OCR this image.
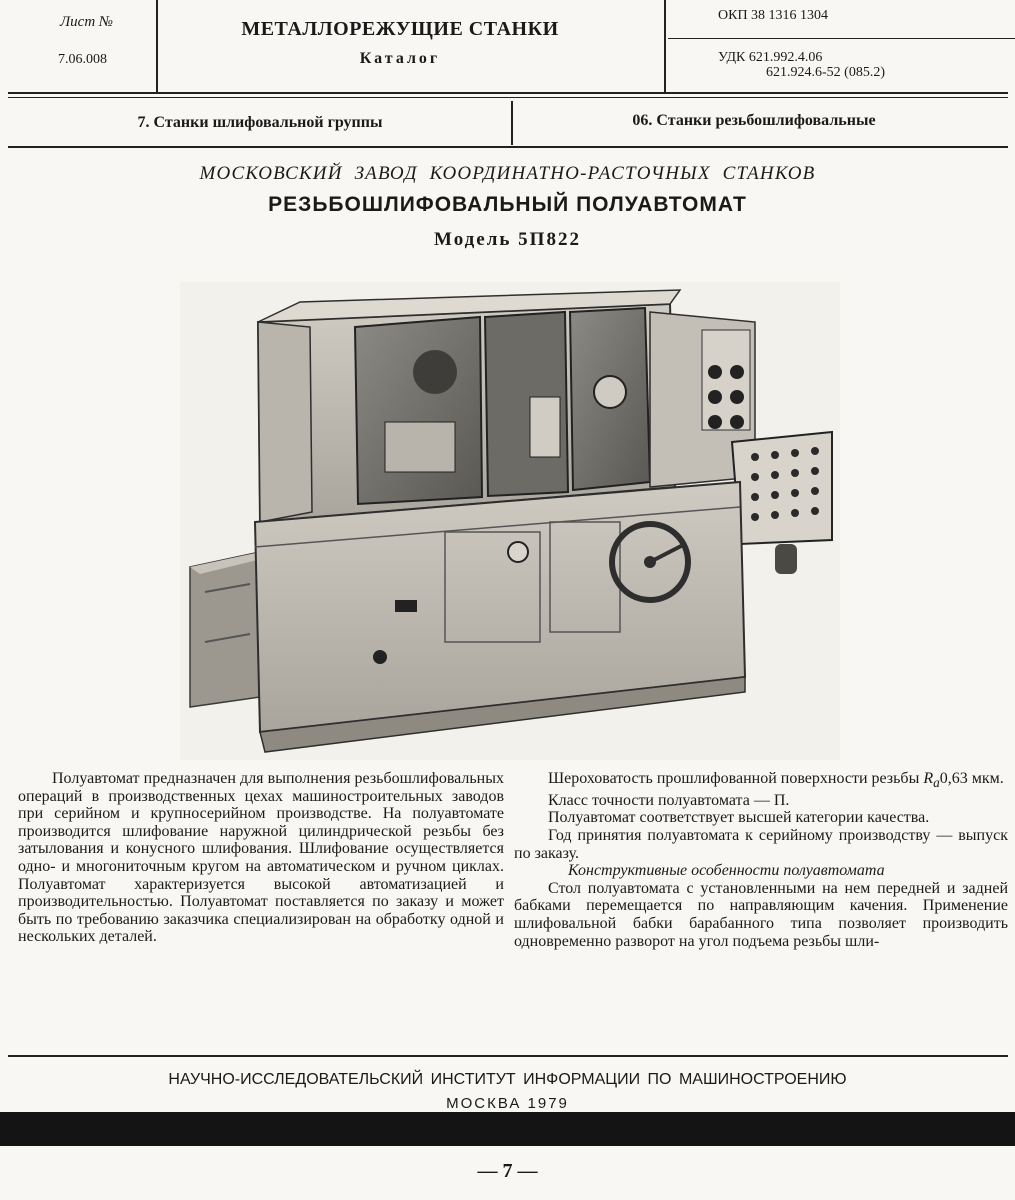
Лист №
7.06.008
МЕТАЛЛОРЕЖУЩИЕ СТАНКИ
Каталог
ОКП 38 1316 1304
УДК 621.992.4.06
621.924.6-52 (085.2)
7. Станки шлифовальной группы	06. Станки резьбошлифовальные
МОСКОВСКИЙ ЗАВОД КООРДИНАТНО-РАСТОЧНЫХ СТАНКОВ
РЕЗЬБОШЛИФОВАЛЬНЫЙ ПОЛУАВТОМАТ
Модель 5П822

Полуавтомат предназначен для выполнения резьбошлифовальных операций в производственных цехах машиностроительных заводов при серийном и крупносерийном производстве. На полуавтомате производится шлифование наружной цилиндрической резьбы без затылования и конусного шлифования. Шлифование осуществляется одно- и многониточным кругом на автоматическом и ручном циклах. Полуавтомат характеризуется высокой автоматизацией и производительностью. Полуавтомат поставляется по заказу и может быть по требованию заказчика специализирован на обработку одной и нескольких деталей.

Шероховатость прошлифованной поверхности резьбы $R_a0,63$ мкм.

Класс точности полуавтомата — П.

Полуавтомат соответствует высшей категории качества.

Год принятия полуавтомата к серийному производству — выпуск по заказу.

Конструктивные особенности полуавтомата

Стол полуавтомата с установленными на нем передней и задней бабками перемещается по направляющим качения. Применение шлифовальной бабки барабанного типа позволяет производить одновременно разворот на угол подъема резьбы шли-

НАУЧНО-ИССЛЕДОВАТЕЛЬСКИЙ ИНСТИТУТ ИНФОРМАЦИИ ПО МАШИНОСТРОЕНИЮ
МОСКВА 1979
— 7 —
